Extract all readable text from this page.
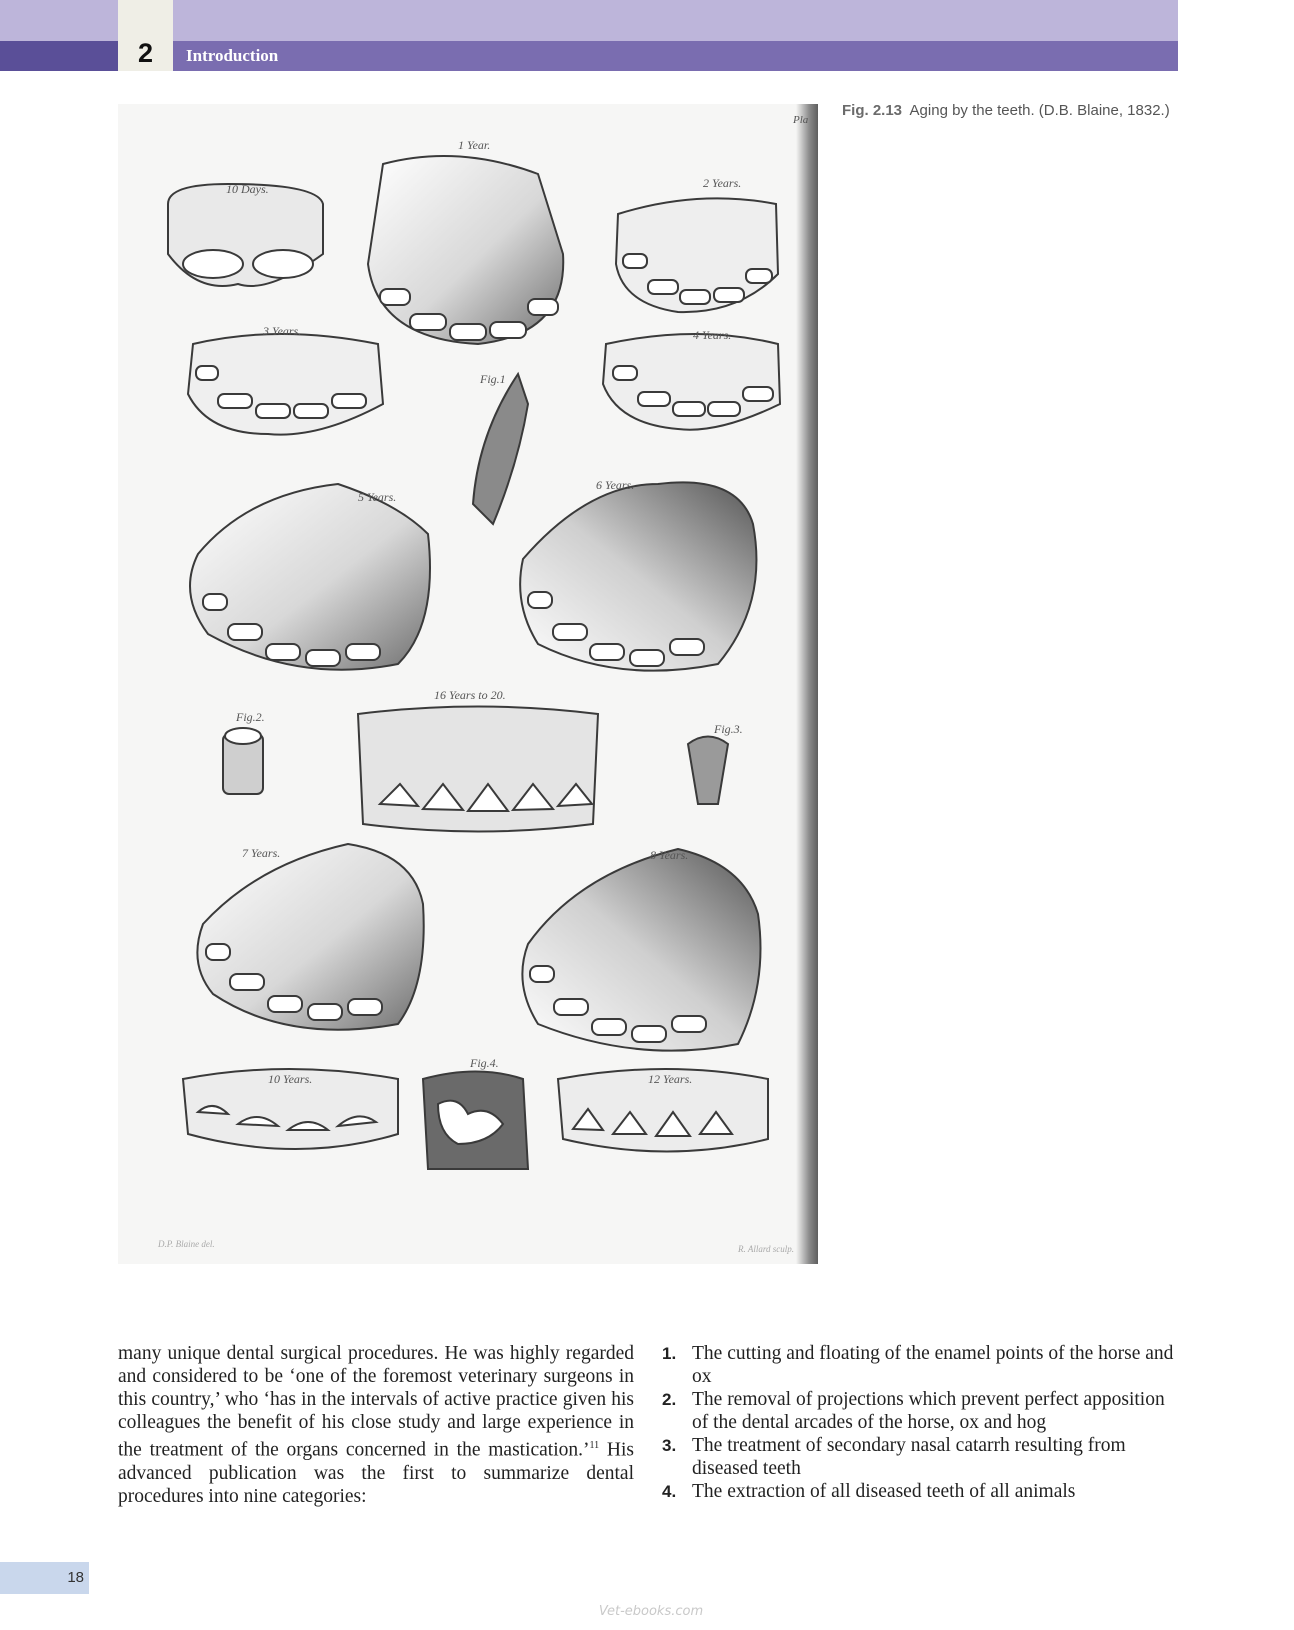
2	Introduction
10 Days.
1 Year.
2 Years.
3 Years.	4 Years.
Fig.1
5 Years.
6 Years.
16 Years to 20.
Fig.2.
Fig.3.
7 Years.	8 Years.
10 Years.
Fig.4.
12 Years.
D.P. Blaine del.	R. Allard sculp.
Pla
Fig. 2.13 Aging by the teeth. (D.B. Blaine, 1832.)
many unique dental surgical procedures. He was highly regarded and considered to be ‘one of the foremost veterinary surgeons in this country,’ who ‘has in the intervals of active practice given his colleagues the benefit of his close study and large experience in the treatment of the organs concerned in the mastication.’$^{11}$ His advanced publication was the first to summarize dental procedures into nine categories:
1. The cutting and floating of the enamel points of the horse and ox
2. The removal of projections which prevent perfect apposition of the dental arcades of the horse, ox and hog
3. The treatment of secondary nasal catarrh resulting from diseased teeth
4. The extraction of all diseased teeth of all animals
18
Vet-ebooks.com
